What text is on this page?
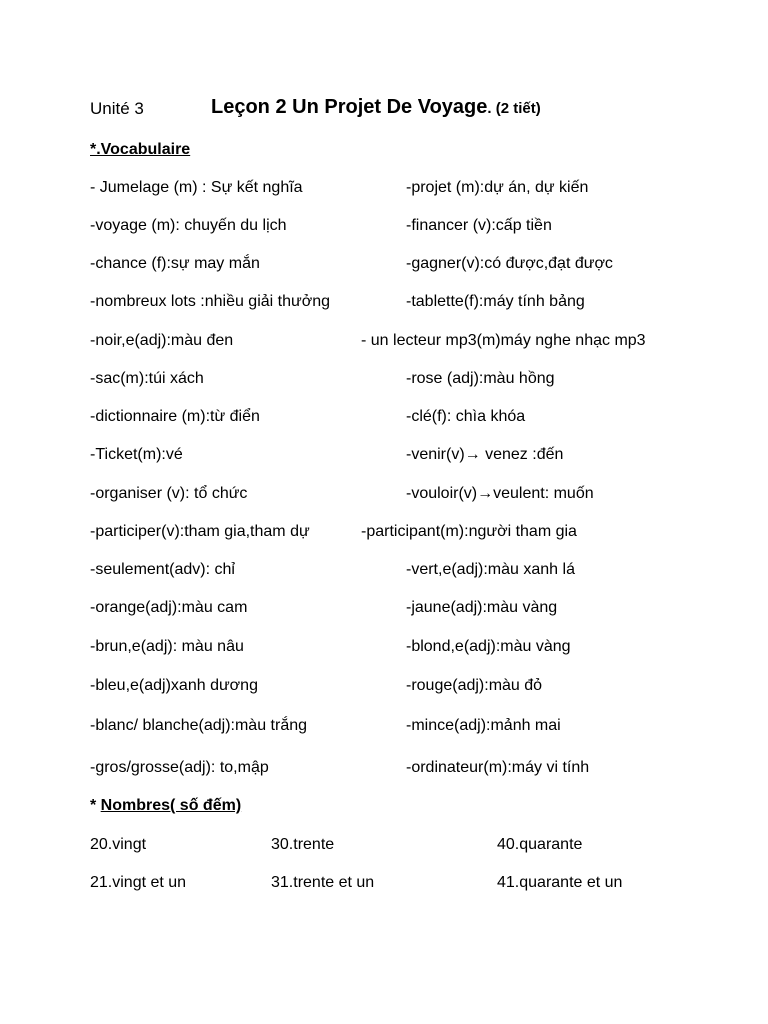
Unité 3	Leçon 2 Un Projet De Voyage. (2 tiết)
*.Vocabulaire
- Jumelage (m) : Sự kết nghĩa	-projet (m):dự án, dự kiến
-voyage (m): chuyến du lịch	-financer (v):cấp tiền
-chance (f):sự may mắn	-gagner(v):có được,đạt được
-nombreux lots :nhiều giải thưởng	-tablette(f):máy tính bảng
-noir,e(adj):màu đen	- un lecteur mp3(m)máy nghe nhạc mp3
-sac(m):túi xách	-rose (adj):màu hồng
-dictionnaire (m):từ điển	-clé(f): chìa khóa
-Ticket(m):vé	-venir(v)→ venez :đến
-organiser (v): tổ chức	-vouloir(v)→veulent: muốn
-participer(v):tham gia,tham dự	-participant(m):người tham gia
-seulement(adv): chỉ	-vert,e(adj):màu xanh lá
-orange(adj):màu cam	-jaune(adj):màu vàng
-brun,e(adj): màu nâu	-blond,e(adj):màu vàng
-bleu,e(adj)xanh dương	-rouge(adj):màu đỏ
-blanc/ blanche(adj):màu trắng	-mince(adj):mảnh mai
-gros/grosse(adj): to,mập	-ordinateur(m):máy vi tính
* Nombres( số đếm)
20.vingt	30.trente	40.quarante
21.vingt et un	31.trente et un	41.quarante et un
